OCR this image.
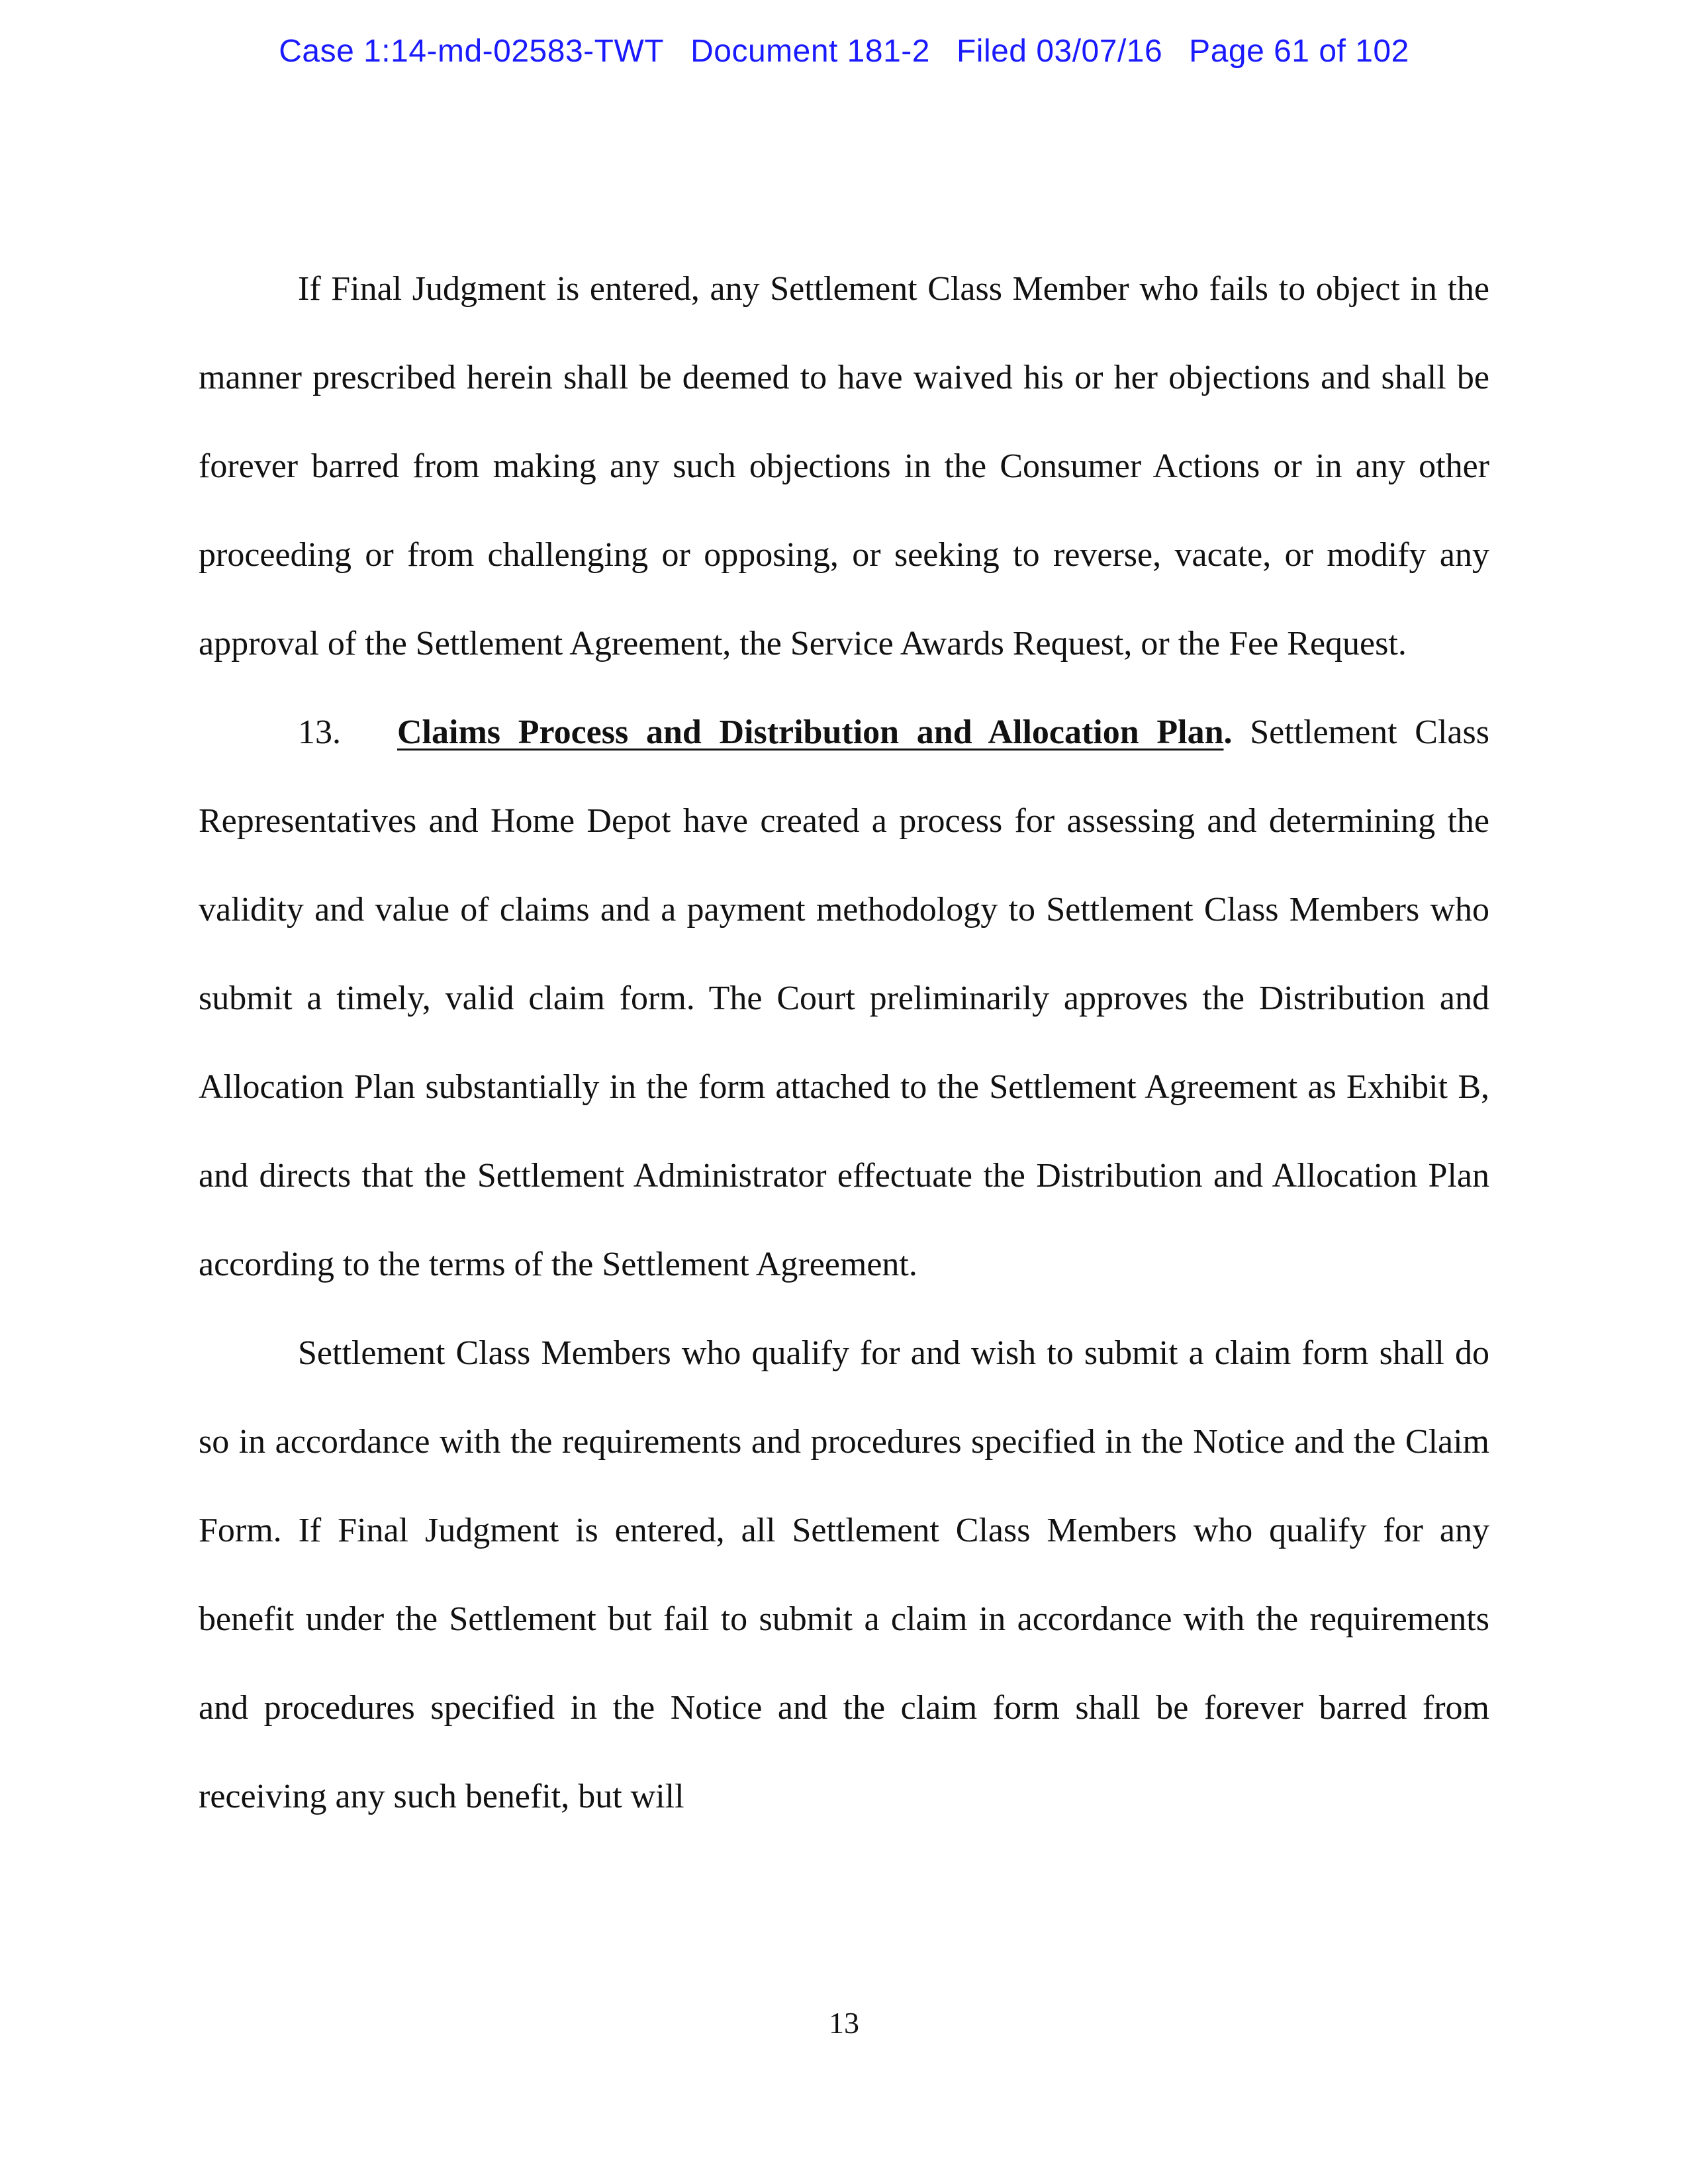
Case 1:14-md-02583-TWT Document 181-2 Filed 03/07/16 Page 61 of 102

If Final Judgment is entered, any Settlement Class Member who fails to object in the manner prescribed herein shall be deemed to have waived his or her objections and shall be forever barred from making any such objections in the Consumer Actions or in any other proceeding or from challenging or opposing, or seeking to reverse, vacate, or modify any approval of the Settlement Agreement, the Service Awards Request, or the Fee Request.

13. Claims Process and Distribution and Allocation Plan. Settlement Class Representatives and Home Depot have created a process for assessing and determining the validity and value of claims and a payment methodology to Settlement Class Members who submit a timely, valid claim form. The Court preliminarily approves the Distribution and Allocation Plan substantially in the form attached to the Settlement Agreement as Exhibit B, and directs that the Settlement Administrator effectuate the Distribution and Allocation Plan according to the terms of the Settlement Agreement.

Settlement Class Members who qualify for and wish to submit a claim form shall do so in accordance with the requirements and procedures specified in the Notice and the Claim Form. If Final Judgment is entered, all Settlement Class Members who qualify for any benefit under the Settlement but fail to submit a claim in accordance with the requirements and procedures specified in the Notice and the claim form shall be forever barred from receiving any such benefit, but will

13
